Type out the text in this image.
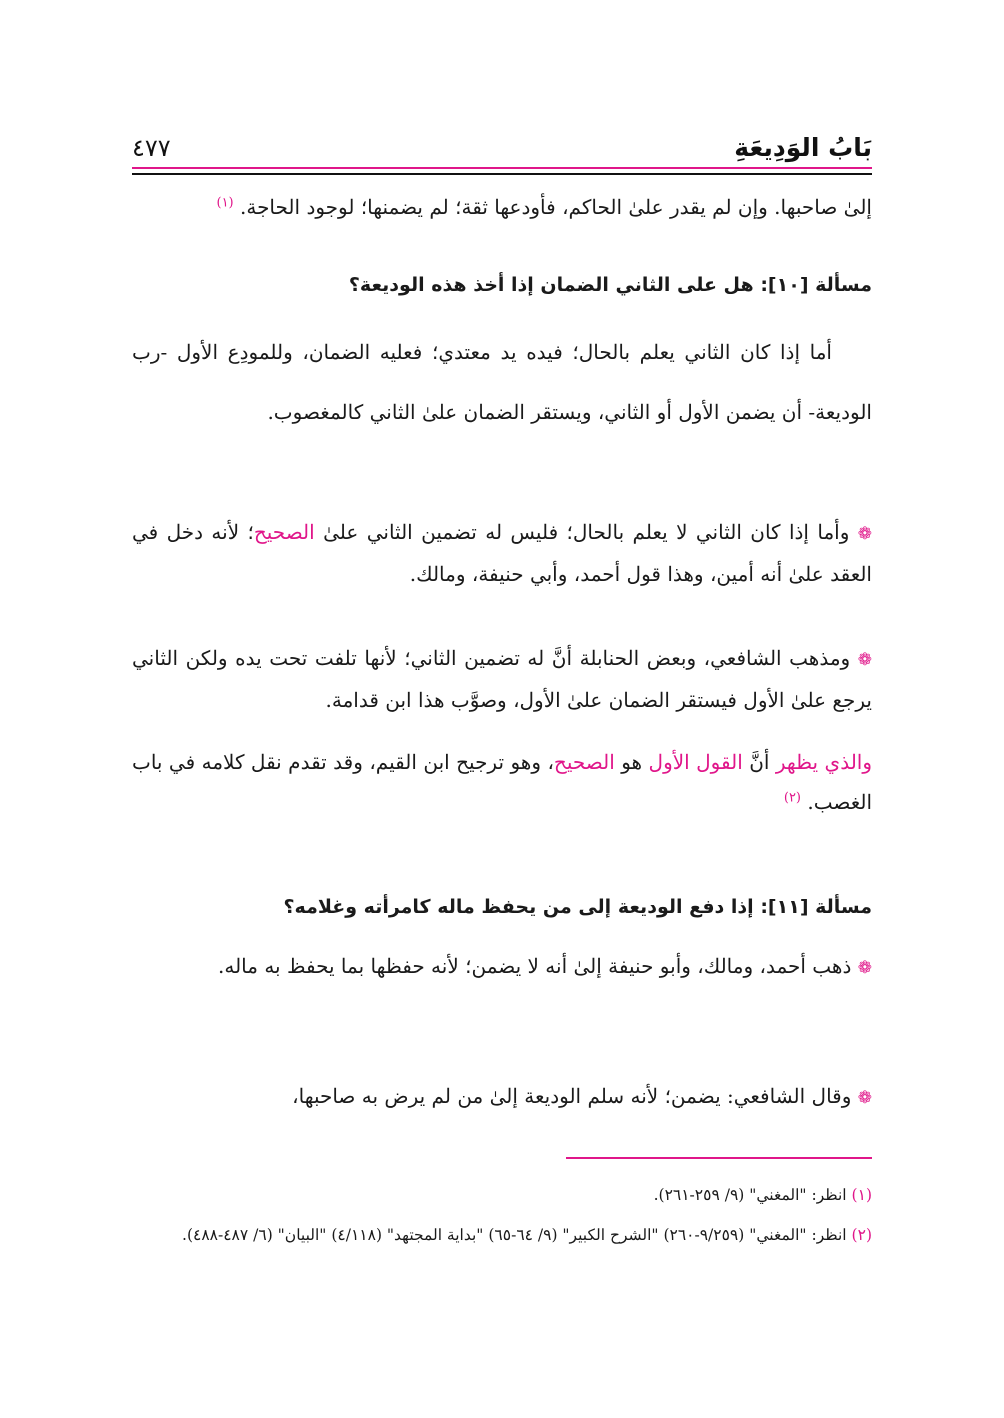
٤٧٧	بَابُ الوَدِيعَةِ
إلىٰ صاحبها. وإن لم يقدر علىٰ الحاكم، فأودعها ثقة؛ لم يضمنها؛ لوجود الحاجة. $^{(١)}$
مسألة [١٠]: هل على الثاني الضمان إذا أخذ هذه الوديعة؟
أما إذا كان الثاني يعلم بالحال؛ فيده يد معتدي؛ فعليه الضمان، وللمودِع الأول -رب الوديعة- أن يضمن الأول أو الثاني، ويستقر الضمان علىٰ الثاني كالمغصوب.
❁ وأما إذا كان الثاني لا يعلم بالحال؛ فليس له تضمين الثاني علىٰ الصحيح؛ لأنه دخل في العقد علىٰ أنه أمين، وهذا قول أحمد، وأبي حنيفة، ومالك.
❁ ومذهب الشافعي، وبعض الحنابلة أنَّ له تضمين الثاني؛ لأنها تلفت تحت يده ولكن الثاني يرجع علىٰ الأول فيستقر الضمان علىٰ الأول، وصوَّب هذا ابن قدامة.
والذي يظهر أنَّ القول الأول هو الصحيح، وهو ترجيح ابن القيم، وقد تقدم نقل كلامه في باب الغصب. $^{(٢)}$
مسألة [١١]: إذا دفع الوديعة إلى من يحفظ ماله كامرأته وغلامه؟
❁ ذهب أحمد، ومالك، وأبو حنيفة إلىٰ أنه لا يضمن؛ لأنه حفظها بما يحفظ به ماله.
❁ وقال الشافعي: يضمن؛ لأنه سلم الوديعة إلىٰ من لم يرض به صاحبها،
(١) انظر: "المغني" (٩/ ٢٥٩-٢٦١).
(٢) انظر: "المغني" (٩/٢٥٩-٢٦٠) "الشرح الكبير" (٩/ ٦٤-٦٥) "بداية المجتهد" (٤/١١٨) "البيان" (٦/ ٤٨٧-٤٨٨).
